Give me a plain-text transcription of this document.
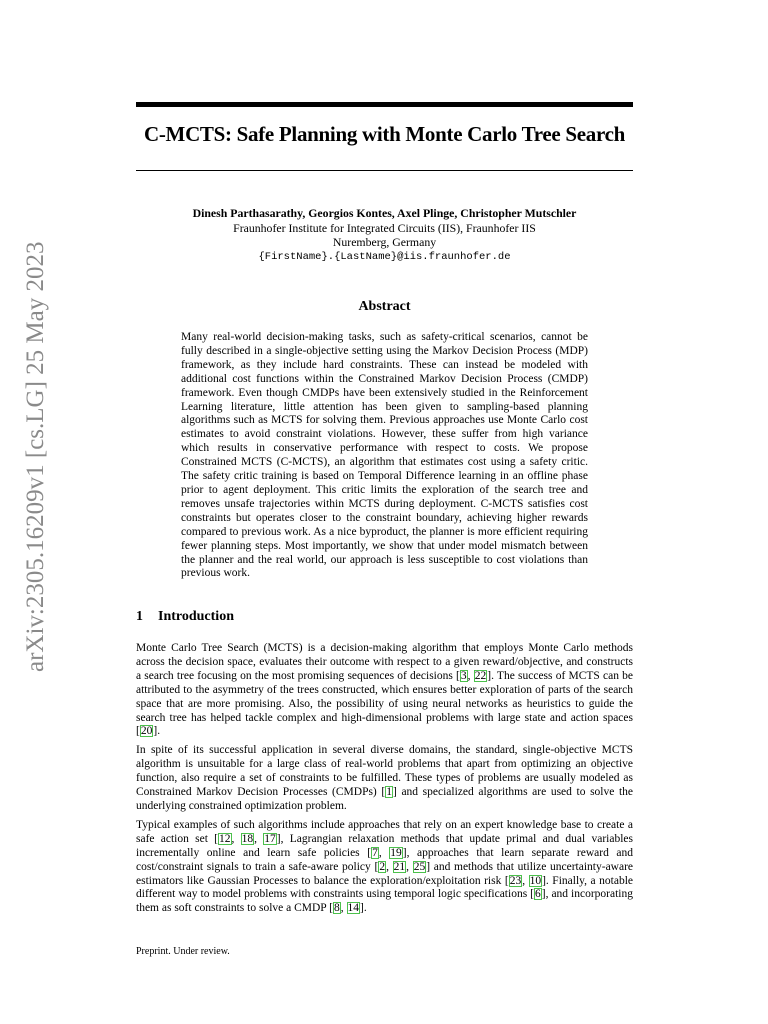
arXiv:2305.16209v1 [cs.LG] 25 May 2023
C-MCTS: Safe Planning with Monte Carlo Tree Search
Dinesh Parthasarathy, Georgios Kontes, Axel Plinge, Christopher Mutschler
Fraunhofer Institute for Integrated Circuits (IIS), Fraunhofer IIS
Nuremberg, Germany
{FirstName}.{LastName}@iis.fraunhofer.de
Abstract
Many real-world decision-making tasks, such as safety-critical scenarios, cannot be fully described in a single-objective setting using the Markov Decision Process (MDP) framework, as they include hard constraints. These can instead be modeled with additional cost functions within the Constrained Markov Decision Process (CMDP) framework. Even though CMDPs have been extensively studied in the Reinforcement Learning literature, little attention has been given to sampling-based planning algorithms such as MCTS for solving them. Previous approaches use Monte Carlo cost estimates to avoid constraint violations. However, these suffer from high variance which results in conservative performance with respect to costs. We propose Constrained MCTS (C-MCTS), an algorithm that estimates cost using a safety critic. The safety critic training is based on Temporal Difference learning in an offline phase prior to agent deployment. This critic limits the exploration of the search tree and removes unsafe trajectories within MCTS during deployment. C-MCTS satisfies cost constraints but operates closer to the constraint boundary, achieving higher rewards compared to previous work. As a nice byproduct, the planner is more efficient requiring fewer planning steps. Most importantly, we show that under model mismatch between the planner and the real world, our approach is less susceptible to cost violations than previous work.
1 Introduction

Monte Carlo Tree Search (MCTS) is a decision-making algorithm that employs Monte Carlo methods across the decision space, evaluates their outcome with respect to a given reward/objective, and constructs a search tree focusing on the most promising sequences of decisions [3, 22]. The success of MCTS can be attributed to the asymmetry of the trees constructed, which ensures better exploration of parts of the search space that are more promising. Also, the possibility of using neural networks as heuristics to guide the search tree has helped tackle complex and high-dimensional problems with large state and action spaces [20].

In spite of its successful application in several diverse domains, the standard, single-objective MCTS algorithm is unsuitable for a large class of real-world problems that apart from optimizing an objective function, also require a set of constraints to be fulfilled. These types of problems are usually modeled as Constrained Markov Decision Processes (CMDPs) [1] and specialized algorithms are used to solve the underlying constrained optimization problem.

Typical examples of such algorithms include approaches that rely on an expert knowledge base to create a safe action set [12, 18, 17], Lagrangian relaxation methods that update primal and dual variables incrementally online and learn safe policies [7, 19], approaches that learn separate reward and cost/constraint signals to train a safe-aware policy [2, 21, 25] and methods that utilize uncertainty-aware estimators like Gaussian Processes to balance the exploration/exploitation risk [23, 10]. Finally, a notable different way to model problems with constraints using temporal logic specifications [6], and incorporating them as soft constraints to solve a CMDP [8, 14].

Preprint. Under review.
